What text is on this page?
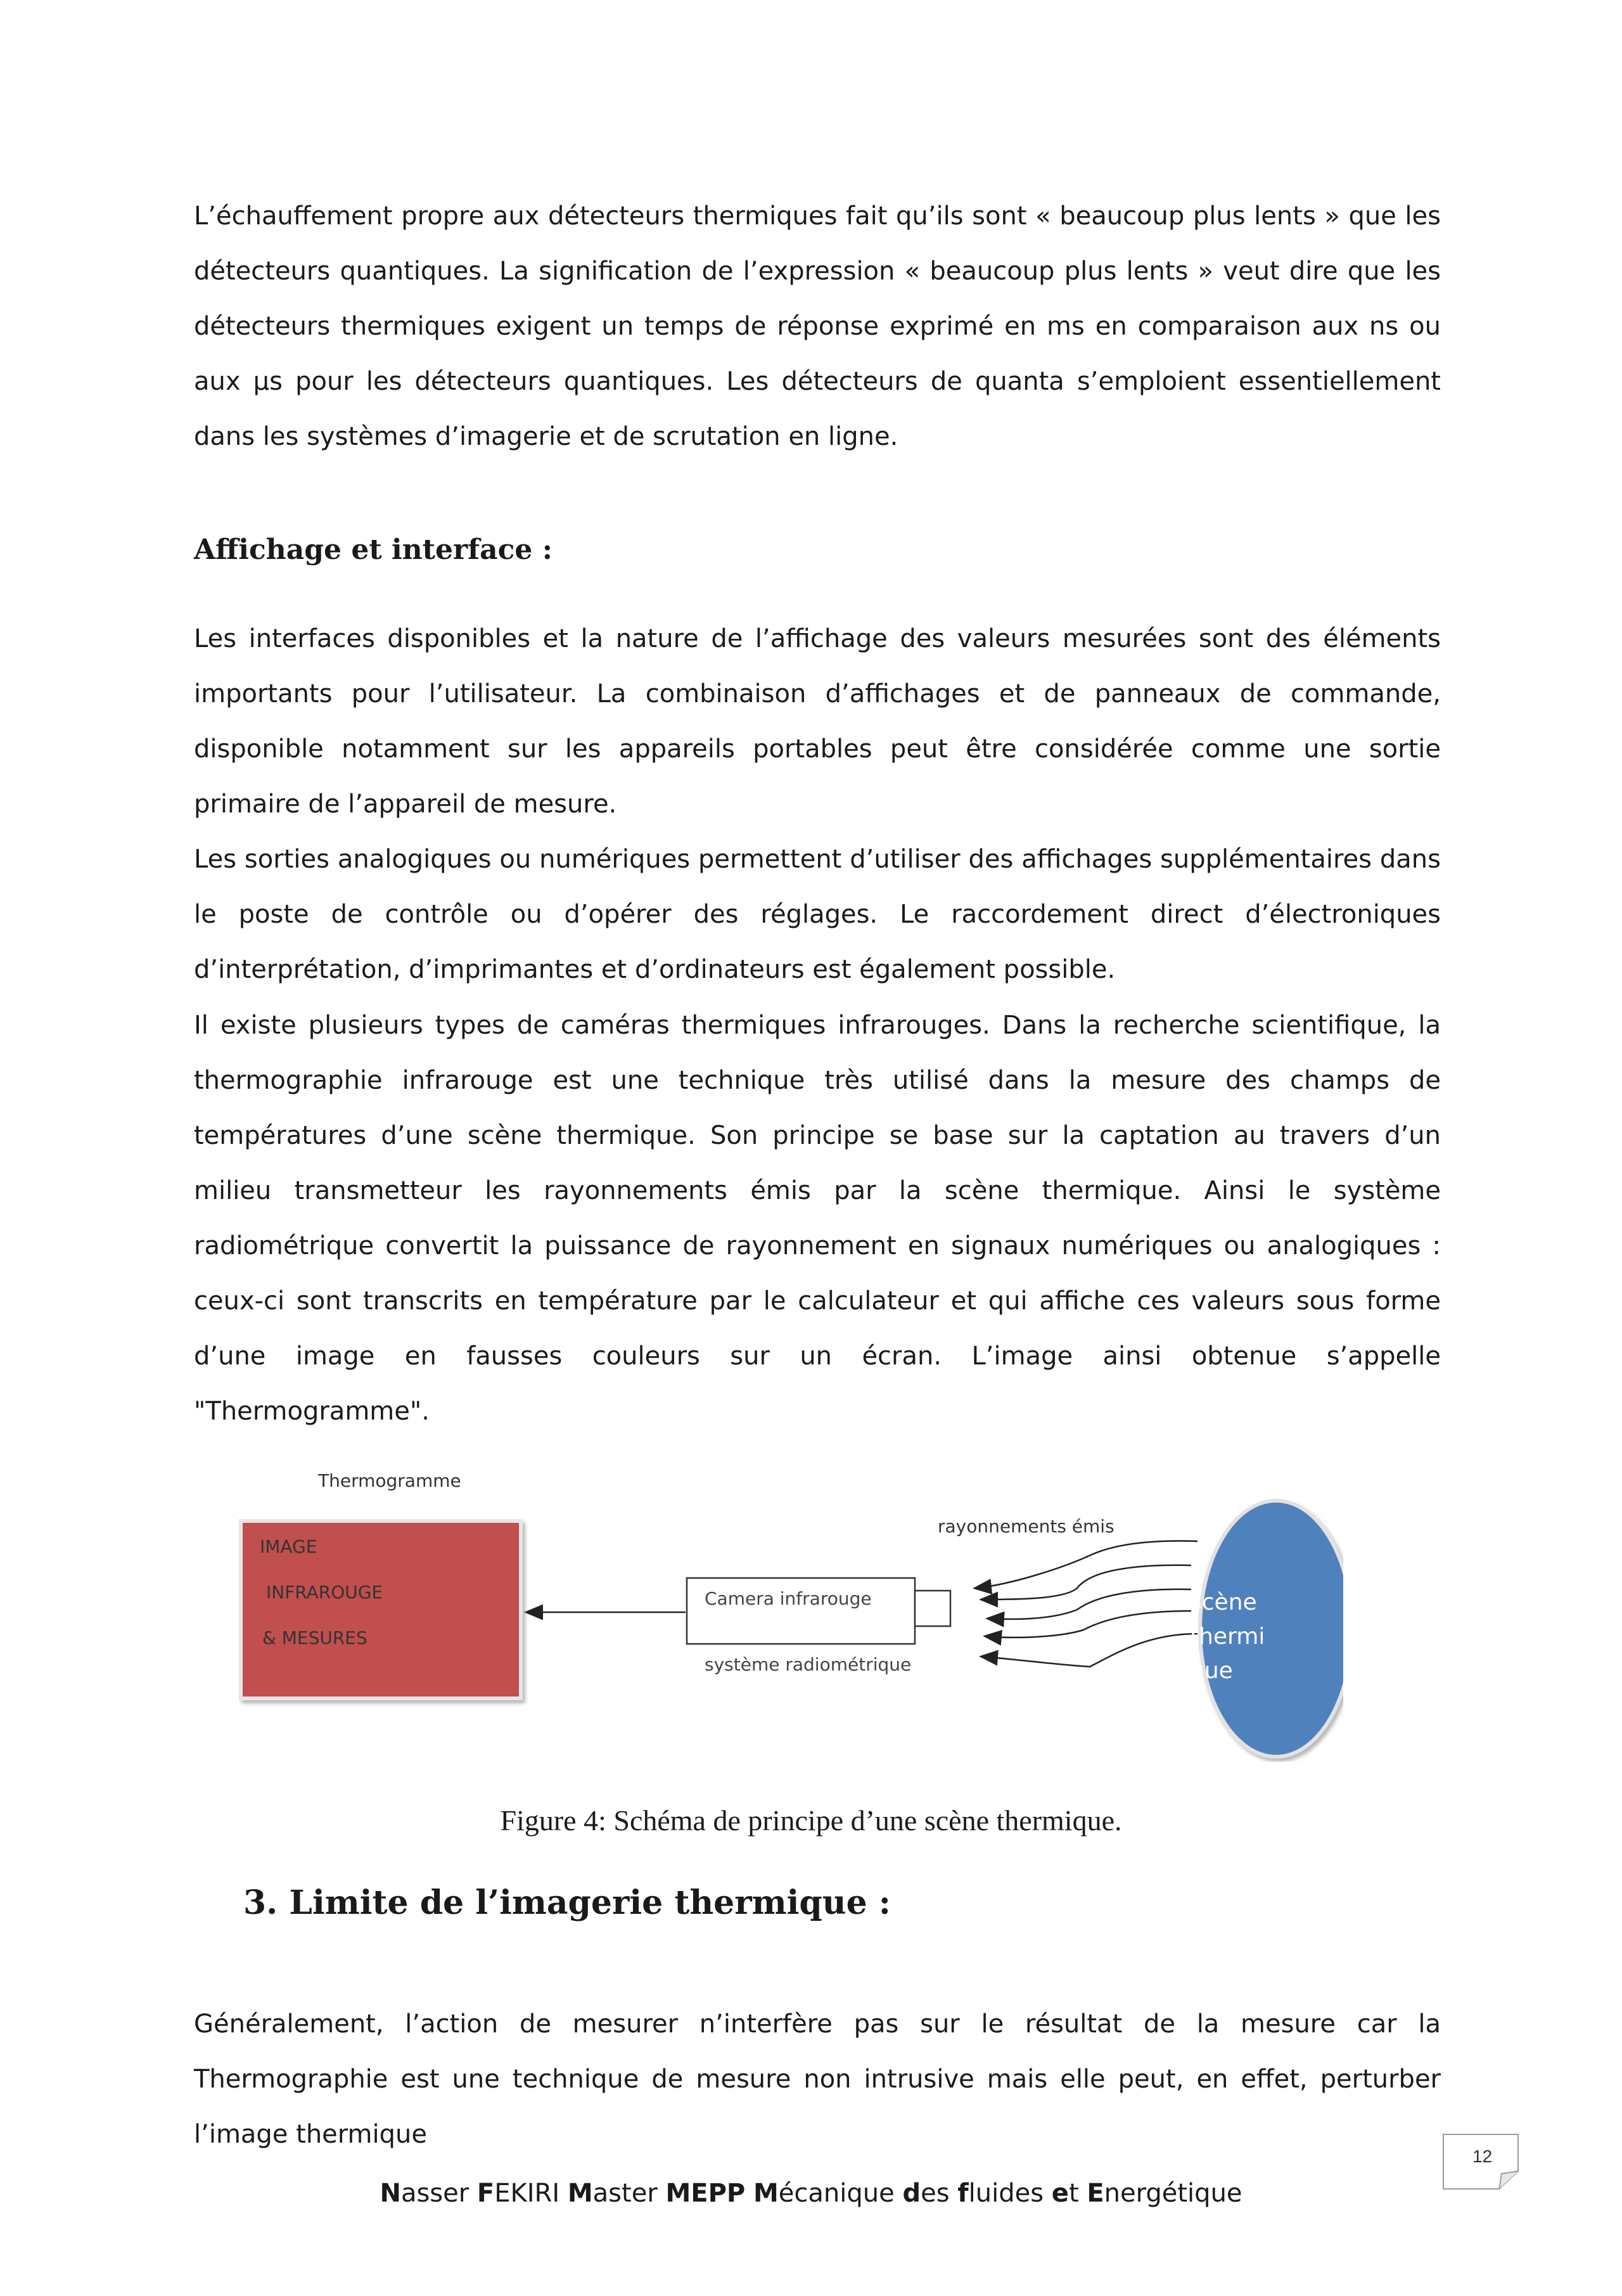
L’échauffement propre aux détecteurs thermiques fait qu’ils sont « beaucoup plus lents » que les détecteurs quantiques. La signification de l’expression « beaucoup plus lents » veut dire que les détecteurs thermiques exigent un temps de réponse exprimé en ms en comparaison aux ns ou aux µs pour les détecteurs quantiques. Les détecteurs de quanta s’emploient essentiellement dans les systèmes d’imagerie et de scrutation en ligne.

Affichage et interface :

Les interfaces disponibles et la nature de l’affichage des valeurs mesurées sont des éléments importants pour l’utilisateur. La combinaison d’affichages et de panneaux de commande, disponible notamment sur les appareils portables peut être considérée comme une sortie primaire de l’appareil de mesure.

Les sorties analogiques ou numériques permettent d’utiliser des affichages supplémentaires dans le poste de contrôle ou d’opérer des réglages. Le raccordement direct d’électroniques d’interprétation, d’imprimantes et d’ordinateurs est également possible.

Il existe plusieurs types de caméras thermiques infrarouges. Dans la recherche scientifique, la thermographie infrarouge est une technique très utilisé dans la mesure des champs de températures d’une scène thermique. Son principe se base sur la captation au travers d’un milieu transmetteur les rayonnements émis par la scène thermique. Ainsi le système radiométrique convertit la puissance de rayonnement en signaux numériques ou analogiques : ceux-ci sont transcrits en température par le calculateur et qui affiche ces valeurs sous forme d’une image en fausses couleurs sur un écran. L’image ainsi obtenue s’appelle "Thermogramme".

Thermogramme
IMAGE
INFRAROUGE
& MESURES
Camera infrarouge
système radiométrique
rayonnements émis
scène
thermi
que

Figure 4: Schéma de principe d’une scène thermique.

3. Limite de l’imagerie thermique :

Généralement, l’action de mesurer n’interfère pas sur le résultat de la mesure car la Thermographie est une technique de mesure non intrusive mais elle peut, en effet, perturber l’image thermique

12

Nasser FEKIRI Master MEPP Mécanique des fluides et Energétique
